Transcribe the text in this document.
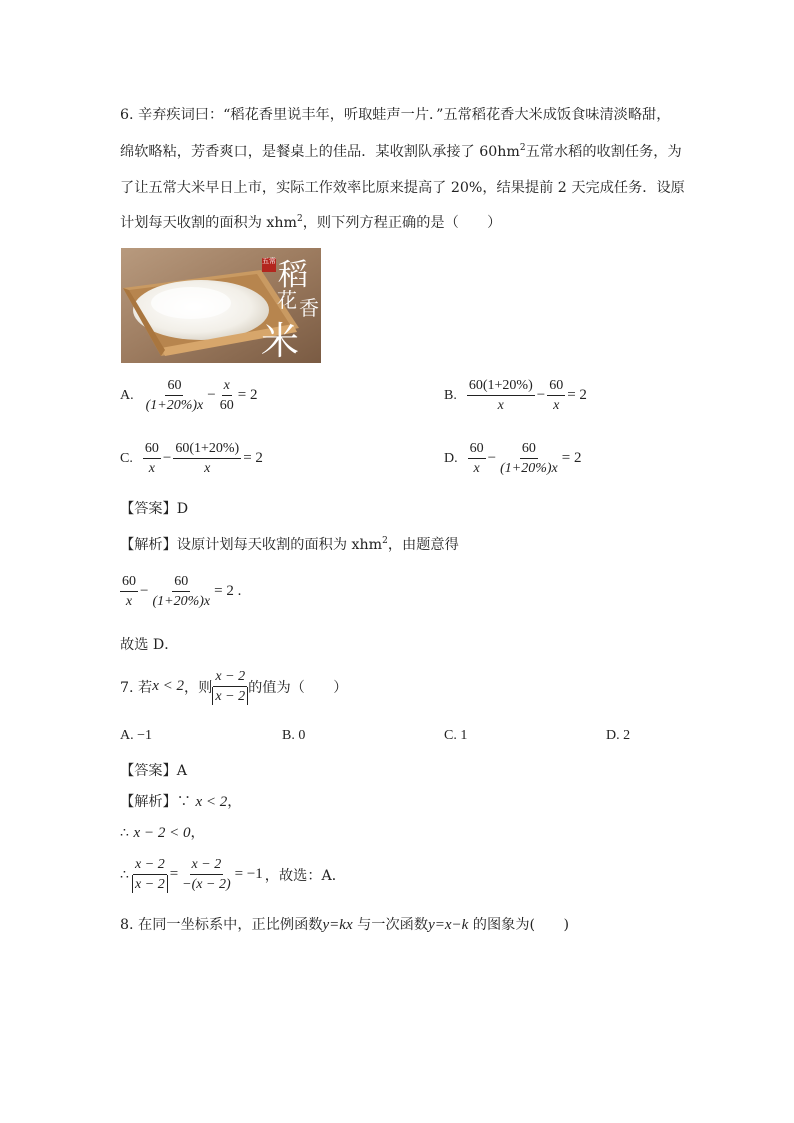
6. 辛弃疾词曰：“稻花香里说丰年，听取蛙声一片．”五常稻花香大米成饭食味清淡略甜，
绵软略粘，芳香爽口，是餐桌上的佳品．某收割队承接了 $60hm^2$五常水稻的收割任务，为
了让五常大米早日上市，实际工作效率比原来提高了 20%，结果提前 2 天完成任务．设原
计划每天收割的面积为 xhm$^2$，则下列方程正确的是（　　）
五常 稻
花 香
米
A. $\frac{60}{(1+20\%)x} - \frac{x}{60} = 2$	B. $\frac{60(1+20\%)}{x} - \frac{60}{x} = 2$
C. $\frac{60}{x} - \frac{60(1+20\%)}{x} = 2$	D. $\frac{60}{x} - \frac{60}{(1+20\%)x} = 2$
【答案】D
【解析】设原计划每天收割的面积为 xhm$^2$，由题意得
$\frac{60}{x} - \frac{60}{(1+20\%)x} = 2$ .
故选 D．
7. 若 x < 2 ，则 $\frac{x - 2}{x - 2}$ 的值为（　　）
A. −1	B. 0	C. 1	D. 2
【答案】A
【解析】∵ x < 2，
∴ x − 2 < 0，
∴ $\frac{x - 2}{x - 2} = \frac{x - 2}{-(x - 2)} = -1$ ，故选：A．
8. 在同一坐标系中，正比例函数y=kx 与一次函数y=x−k 的图象为(　　)
